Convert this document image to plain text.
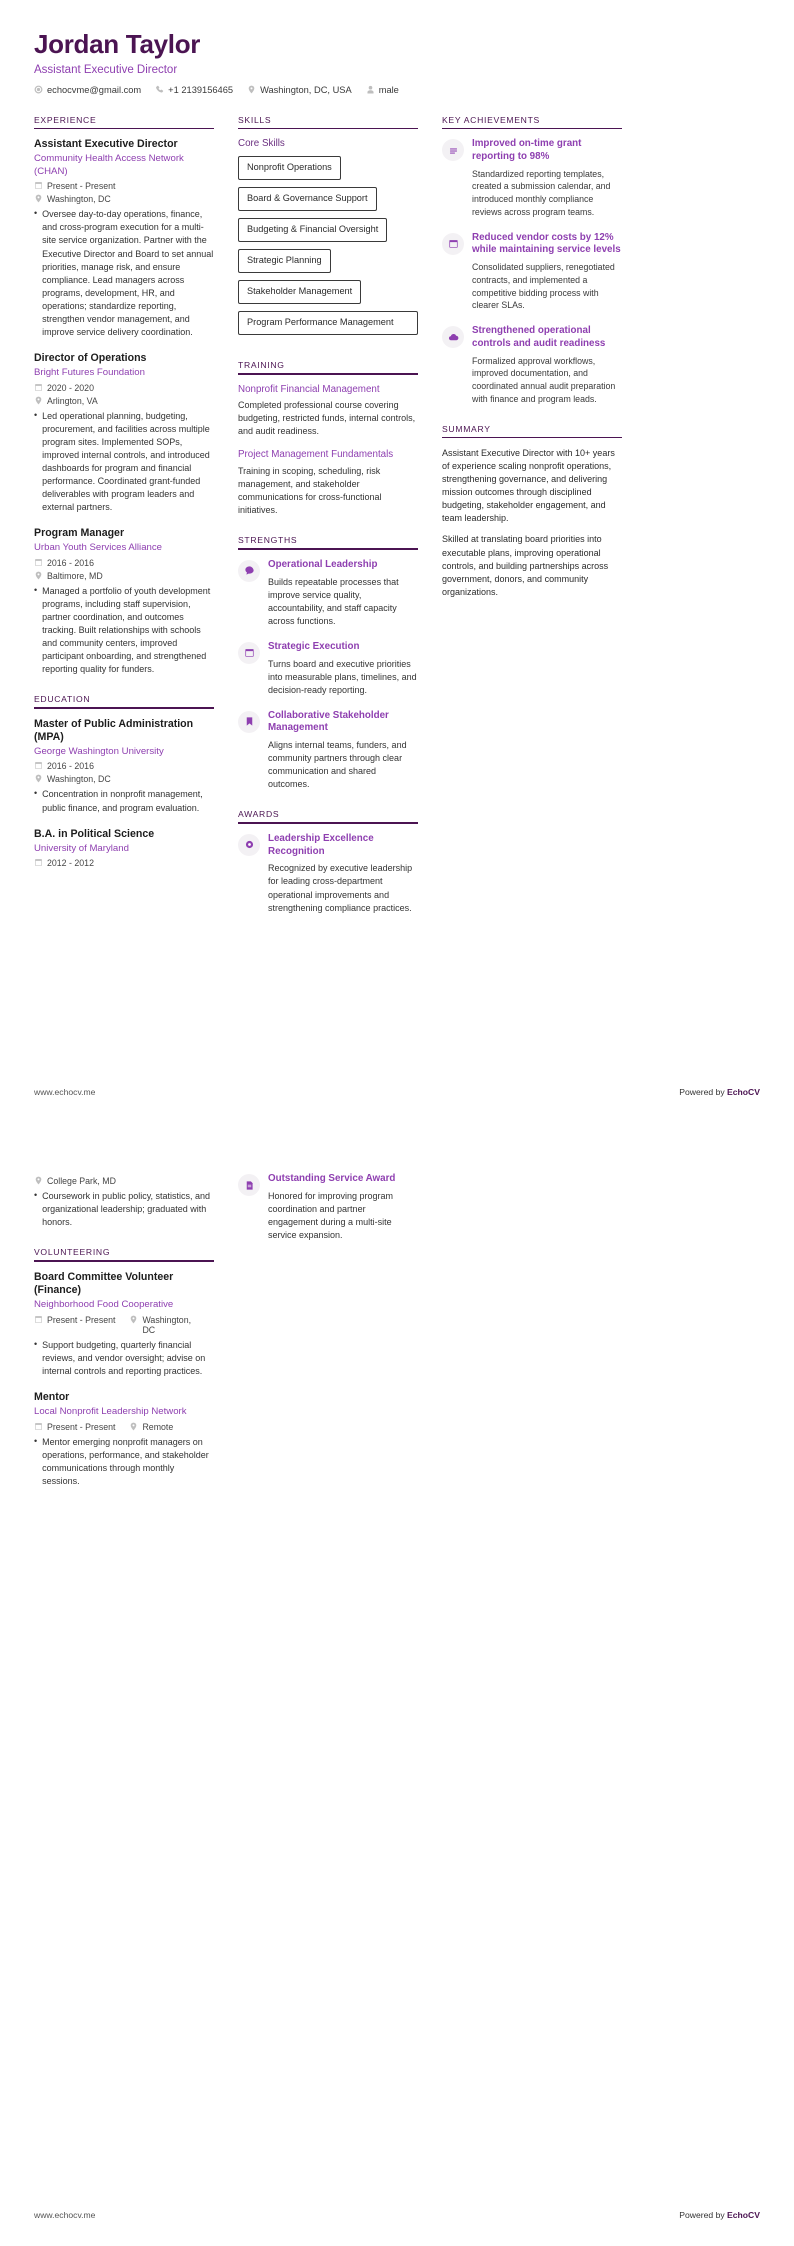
Jordan Taylor
Assistant Executive Director
echocvme@gmail.com	+1 2139156465	Washington, DC, USA	male
EXPERIENCE
Assistant Executive Director
Community Health Access Network (CHAN)
Present - Present
Washington, DC
• Oversee day-to-day operations, finance, and cross-program execution for a multi-site service organization. Partner with the Executive Director and Board to set annual priorities, manage risk, and ensure compliance. Lead managers across programs, development, HR, and operations; standardize reporting, strengthen vendor management, and improve service delivery coordination.
Director of Operations
Bright Futures Foundation
2020 - 2020
Arlington, VA
• Led operational planning, budgeting, procurement, and facilities across multiple program sites. Implemented SOPs, improved internal controls, and introduced dashboards for program and financial performance. Coordinated grant-funded deliverables with program leaders and external partners.
Program Manager
Urban Youth Services Alliance
2016 - 2016
Baltimore, MD
• Managed a portfolio of youth development programs, including staff supervision, partner coordination, and outcomes tracking. Built relationships with schools and community centers, improved participant onboarding, and strengthened reporting quality for funders.
EDUCATION
Master of Public Administration (MPA)
George Washington University
2016 - 2016
Washington, DC
• Concentration in nonprofit management, public finance, and program evaluation.
B.A. in Political Science
University of Maryland
2012 - 2012
SKILLS
Core Skills
Nonprofit Operations
Board & Governance Support
Budgeting & Financial Oversight
Strategic Planning
Stakeholder Management
Program Performance Management
TRAINING
Nonprofit Financial Management
Completed professional course covering budgeting, restricted funds, internal controls, and audit readiness.
Project Management Fundamentals
Training in scoping, scheduling, risk management, and stakeholder communications for cross-functional initiatives.
STRENGTHS
Operational Leadership
Builds repeatable processes that improve service quality, accountability, and staff capacity across functions.
Strategic Execution
Turns board and executive priorities into measurable plans, timelines, and decision-ready reporting.
Collaborative Stakeholder Management
Aligns internal teams, funders, and community partners through clear communication and shared outcomes.
AWARDS
Leadership Excellence Recognition
Recognized by executive leadership for leading cross-department operational improvements and strengthening compliance practices.
KEY ACHIEVEMENTS
Improved on-time grant reporting to 98%
Standardized reporting templates, created a submission calendar, and introduced monthly compliance reviews across program teams.
Reduced vendor costs by 12% while maintaining service levels
Consolidated suppliers, renegotiated contracts, and implemented a competitive bidding process with clearer SLAs.
Strengthened operational controls and audit readiness
Formalized approval workflows, improved documentation, and coordinated annual audit preparation with finance and program leads.
SUMMARY
Assistant Executive Director with 10+ years of experience scaling nonprofit operations, strengthening governance, and delivering mission outcomes through disciplined budgeting, stakeholder engagement, and team leadership.
Skilled at translating board priorities into executable plans, improving operational controls, and building partnerships across government, donors, and community organizations.
www.echocv.me	Powered by EchoCV
College Park, MD
• Coursework in public policy, statistics, and organizational leadership; graduated with honors.
VOLUNTEERING
Board Committee Volunteer (Finance)
Neighborhood Food Cooperative
Present - Present	Washington, DC
• Support budgeting, quarterly financial reviews, and vendor oversight; advise on internal controls and reporting practices.
Mentor
Local Nonprofit Leadership Network
Present - Present	Remote
• Mentor emerging nonprofit managers on operations, performance, and stakeholder communications through monthly sessions.
Outstanding Service Award
Honored for improving program coordination and partner engagement during a multi-site service expansion.
www.echocv.me	Powered by EchoCV
